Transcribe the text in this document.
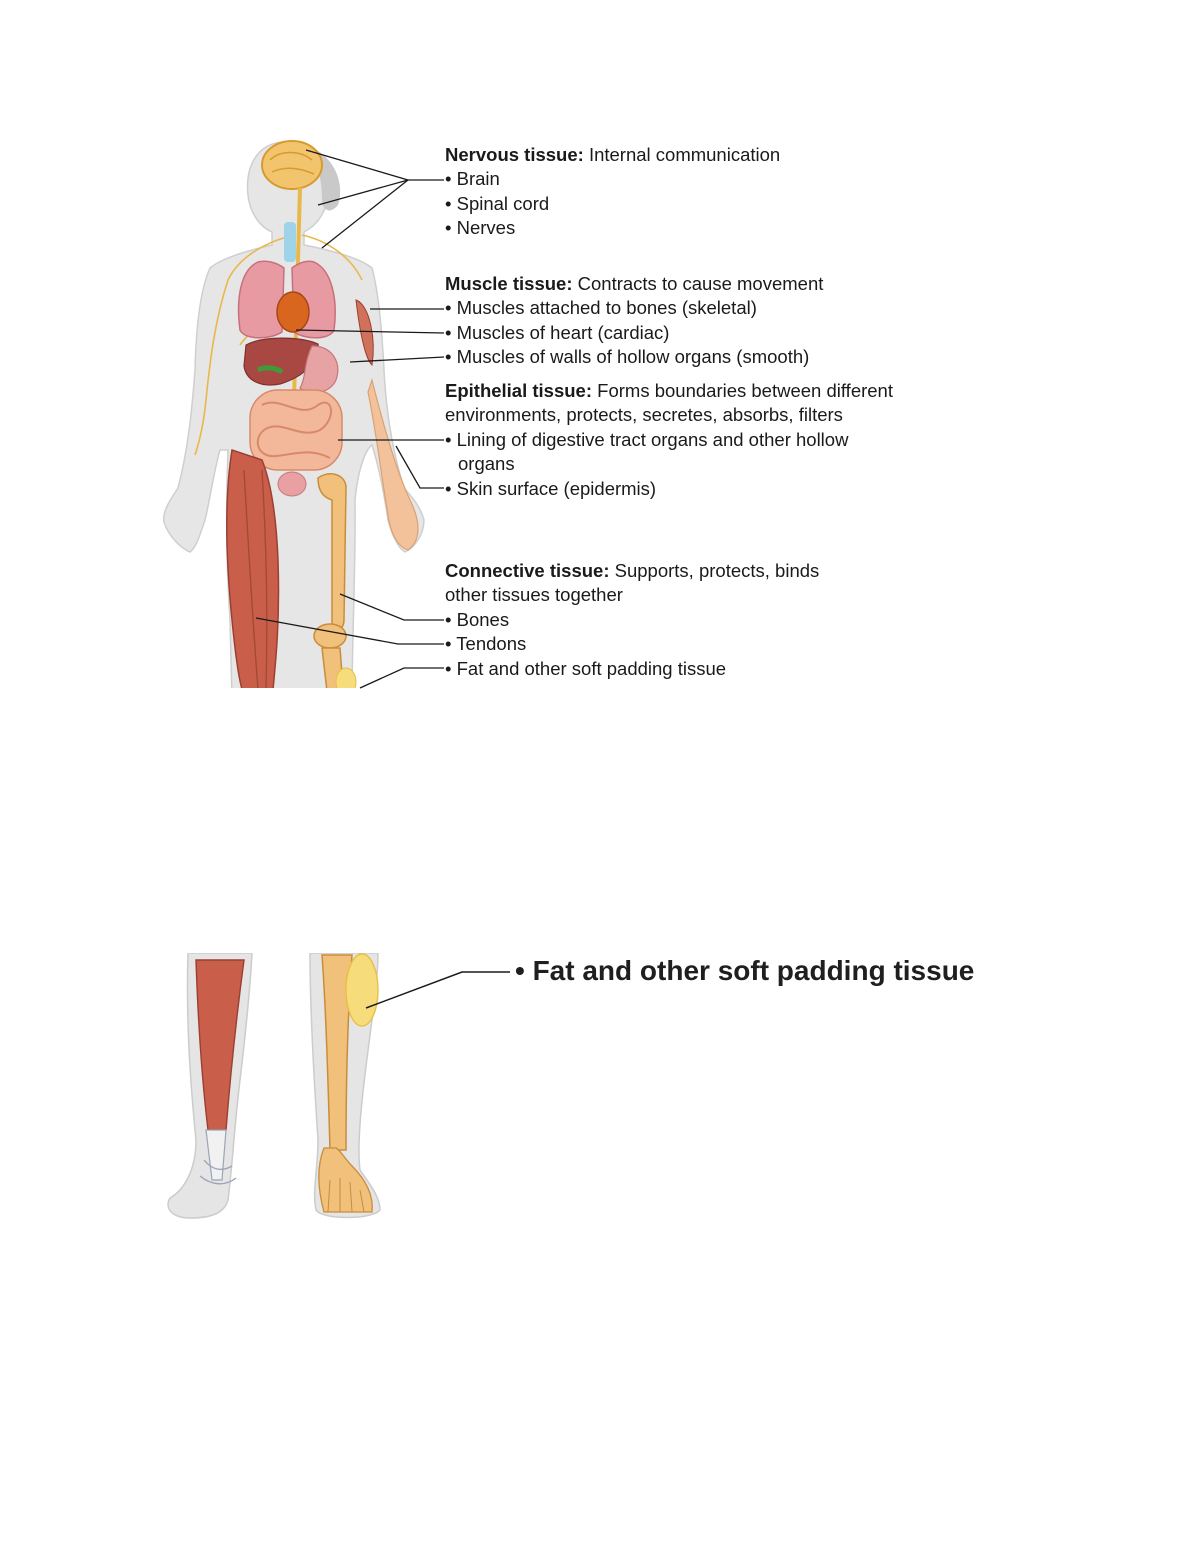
Nervous tissue: Internal communication
• Brain
• Spinal cord
• Nerves
Muscle tissue: Contracts to cause movement
• Muscles attached to bones (skeletal)
• Muscles of heart (cardiac)
• Muscles of walls of hollow organs (smooth)
Epithelial tissue: Forms boundaries between different
environments, protects, secretes, absorbs, filters
• Lining of digestive tract organs and other hollow
organs
• Skin surface (epidermis)
Connective tissue: Supports, protects, binds
other tissues together
• Bones
• Tendons
• Fat and other soft padding tissue
• Fat and other soft padding tissue
